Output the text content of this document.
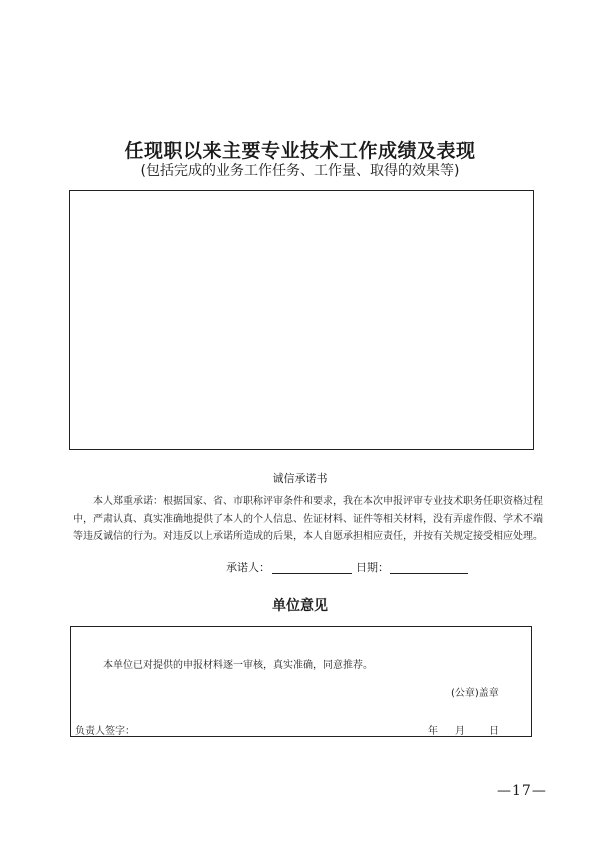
任现职以来主要专业技术工作成绩及表现
(包括完成的业务工作任务、工作量、取得的效果等)
诚信承诺书
本人郑重承诺：根据国家、省、市职称评审条件和要求，我在本次申报评审专业技术职务任职资格过程中，严肃认真、真实准确地提供了本人的个人信息、佐证材料、证件等相关材料，没有弄虚作假、学术不端等违反诚信的行为。对违反以上承诺所造成的后果，本人自愿承担相应责任，并按有关规定接受相应处理。
承诺人：	日期：
单位意见
本单位已对提供的申报材料逐一审核，真实准确，同意推荐。
(公章)盖章
负责人签字：	年 月 日
—17—
